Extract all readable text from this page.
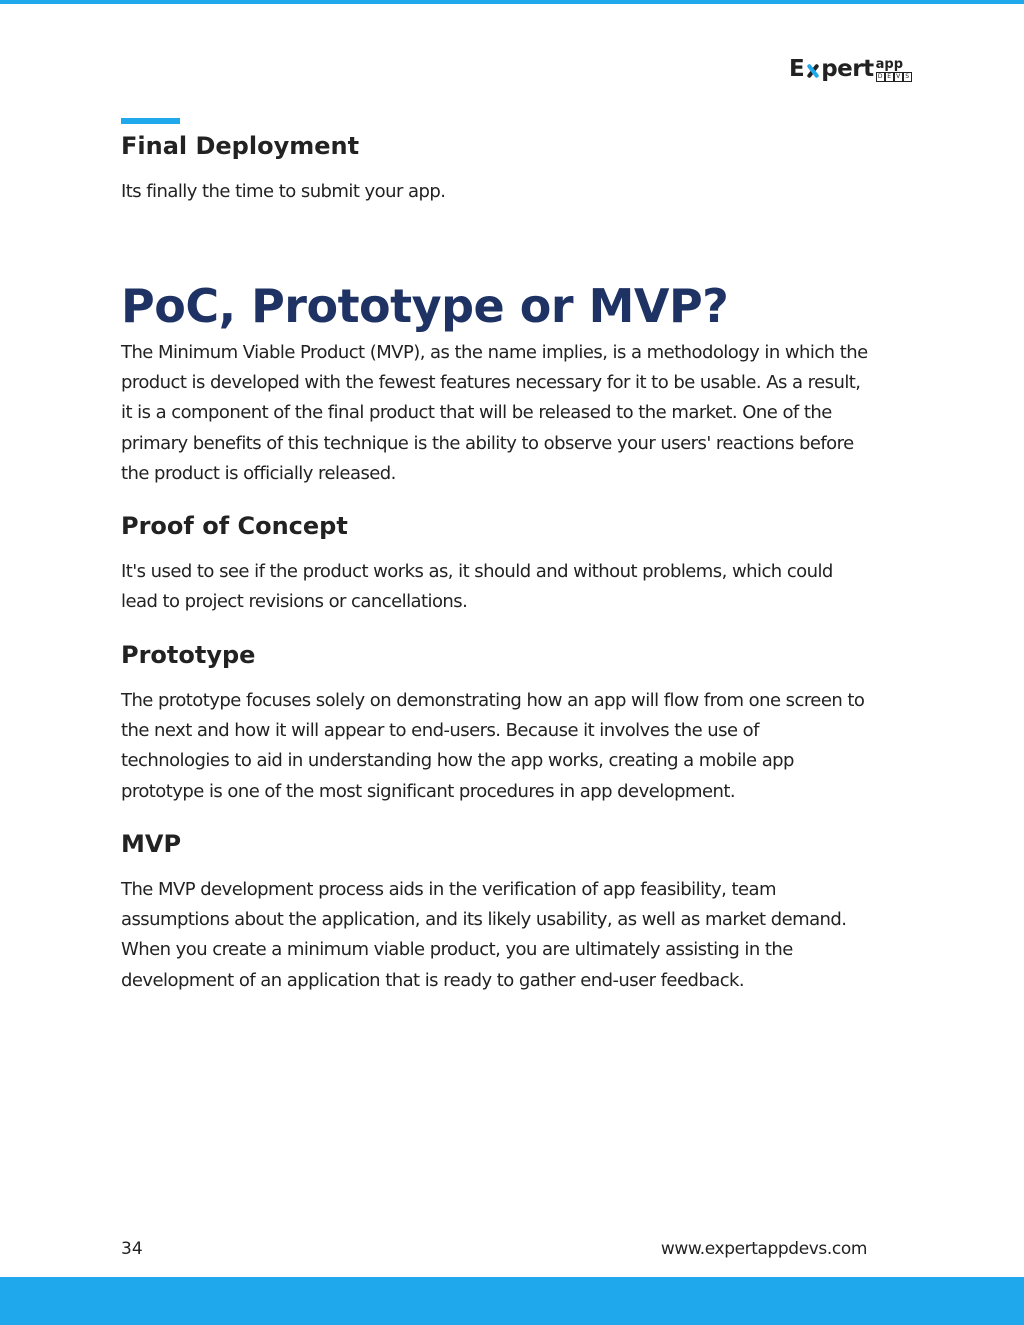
E pert app
D E V S
Final Deployment

Its finally the time to submit your app.

PoC, Prototype or MVP?

The Minimum Viable Product (MVP), as the name implies, is a methodology in which the
product is developed with the fewest features necessary for it to be usable. As a result,
it is a component of the final product that will be released to the market. One of the
primary benefits of this technique is the ability to observe your users' reactions before
the product is officially released.

Proof of Concept

It's used to see if the product works as, it should and without problems, which could
lead to project revisions or cancellations.

Prototype

The prototype focuses solely on demonstrating how an app will flow from one screen to
the next and how it will appear to end-users. Because it involves the use of
technologies to aid in understanding how the app works, creating a mobile app
prototype is one of the most significant procedures in app development.

MVP

The MVP development process aids in the verification of app feasibility, team
assumptions about the application, and its likely usability, as well as market demand.
When you create a minimum viable product, you are ultimately assisting in the
development of an application that is ready to gather end-user feedback.

34	www.expertappdevs.com
